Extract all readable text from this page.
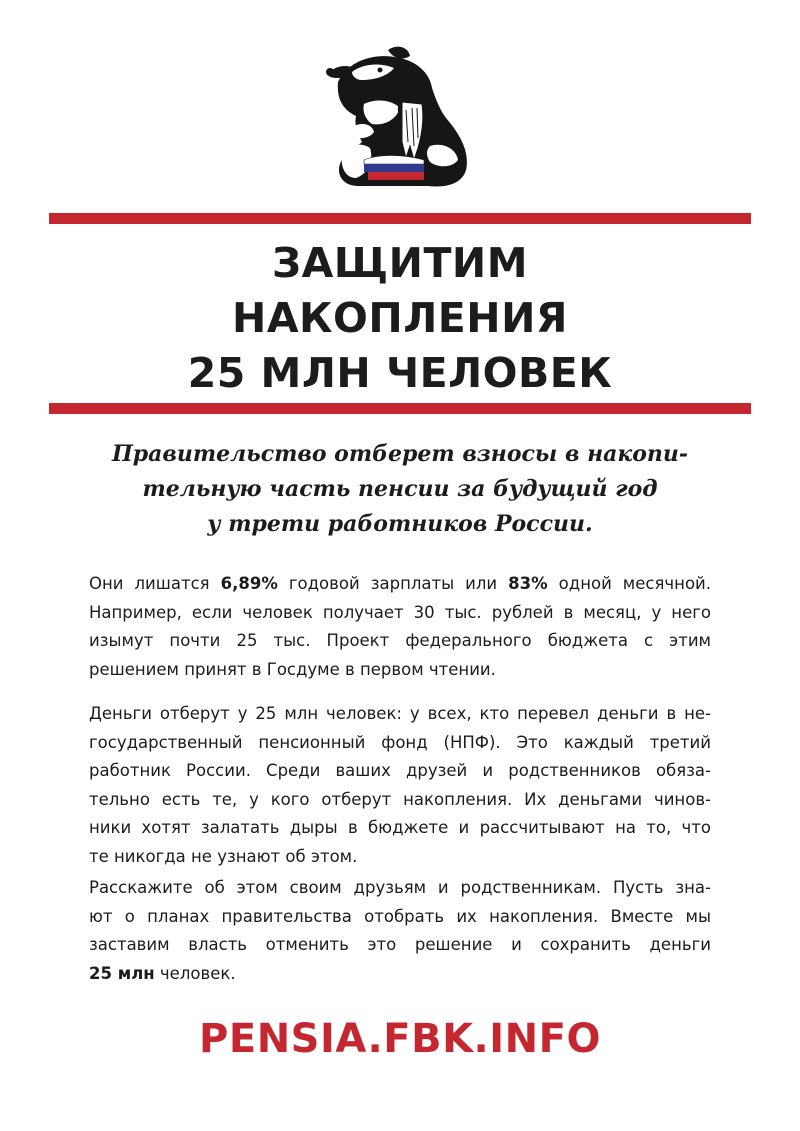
ЗАЩИТИМ
НАКОПЛЕНИЯ
25 МЛН ЧЕЛОВЕК
Правительство отберет взносы в накопи-
тельную часть пенсии за будущий год
у трети работников России.
Они лишатся 6,89% годовой зарплаты или 83% одной месячной.
Например, если человек получает 30 тыс. рублей в месяц, у него
изымут почти 25 тыс. Проект федерального бюджета с этим
решением принят в Госдуме в первом чтении.
Деньги отберут у 25 млн человек: у всех, кто перевел деньги в не-
государственный пенсионный фонд (НПФ). Это каждый третий
работник России. Среди ваших друзей и родственников обяза-
тельно есть те, у кого отберут накопления. Их деньгами чинов-
ники хотят залатать дыры в бюджете и рассчитывают на то, что
те никогда не узнают об этом.
Расскажите об этом своим друзьям и родственникам. Пусть зна-
ют о планах правительства отобрать их накопления. Вместе мы
заставим власть отменить это решение и сохранить деньги
25 млн человек.

PENSIA.FBK.INFO
